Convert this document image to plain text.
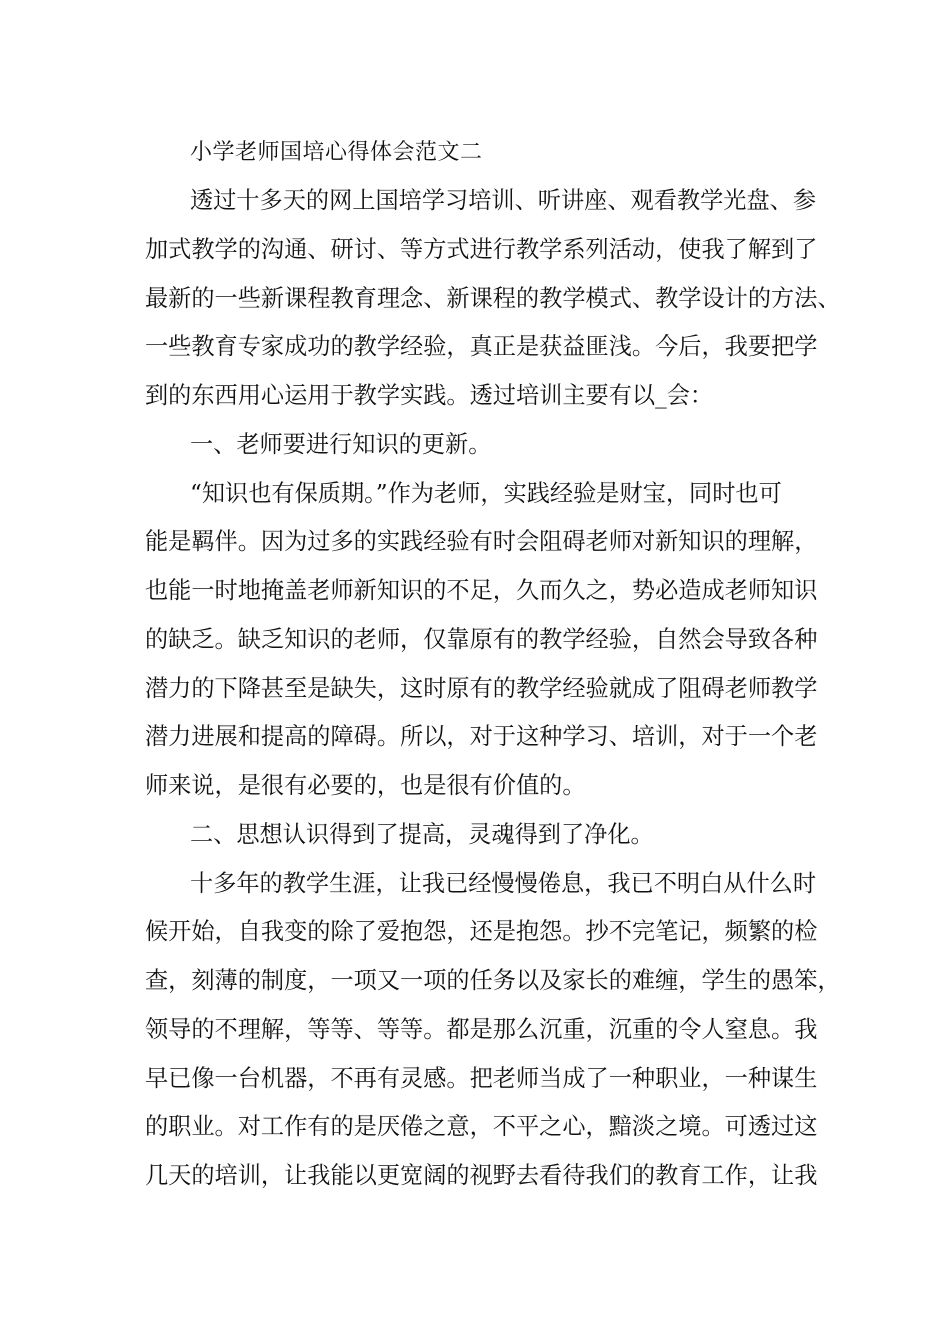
小学老师国培心得体会范文二
透过十多天的网上国培学习培训、听讲座、观看教学光盘、参
加式教学的沟通、研讨、等方式进行教学系列活动，使我了解到了
最新的一些新课程教育理念、新课程的教学模式、教学设计的方法、
一些教育专家成功的教学经验，真正是获益匪浅。今后，我要把学
到的东西用心运用于教学实践。透过培训主要有以_会：
一、老师要进行知识的更新。
“知识也有保质期。”作为老师，实践经验是财宝，同时也可
能是羁伴。因为过多的实践经验有时会阻碍老师对新知识的理解，
也能一时地掩盖老师新知识的不足，久而久之，势必造成老师知识
的缺乏。缺乏知识的老师，仅靠原有的教学经验，自然会导致各种
潜力的下降甚至是缺失，这时原有的教学经验就成了阻碍老师教学
潜力进展和提高的障碍。所以，对于这种学习、培训，对于一个老
师来说，是很有必要的，也是很有价值的。
二、思想认识得到了提高，灵魂得到了净化。
十多年的教学生涯，让我已经慢慢倦息，我已不明白从什么时
候开始，自我变的除了爱抱怨，还是抱怨。抄不完笔记，频繁的检
查，刻薄的制度，一项又一项的任务以及家长的难缠，学生的愚笨，
领导的不理解，等等、等等。都是那么沉重，沉重的令人窒息。我
早已像一台机器，不再有灵感。把老师当成了一种职业，一种谋生
的职业。对工作有的是厌倦之意，不平之心，黯淡之境。可透过这
几天的培训，让我能以更宽阔的视野去看待我们的教育工作，让我
